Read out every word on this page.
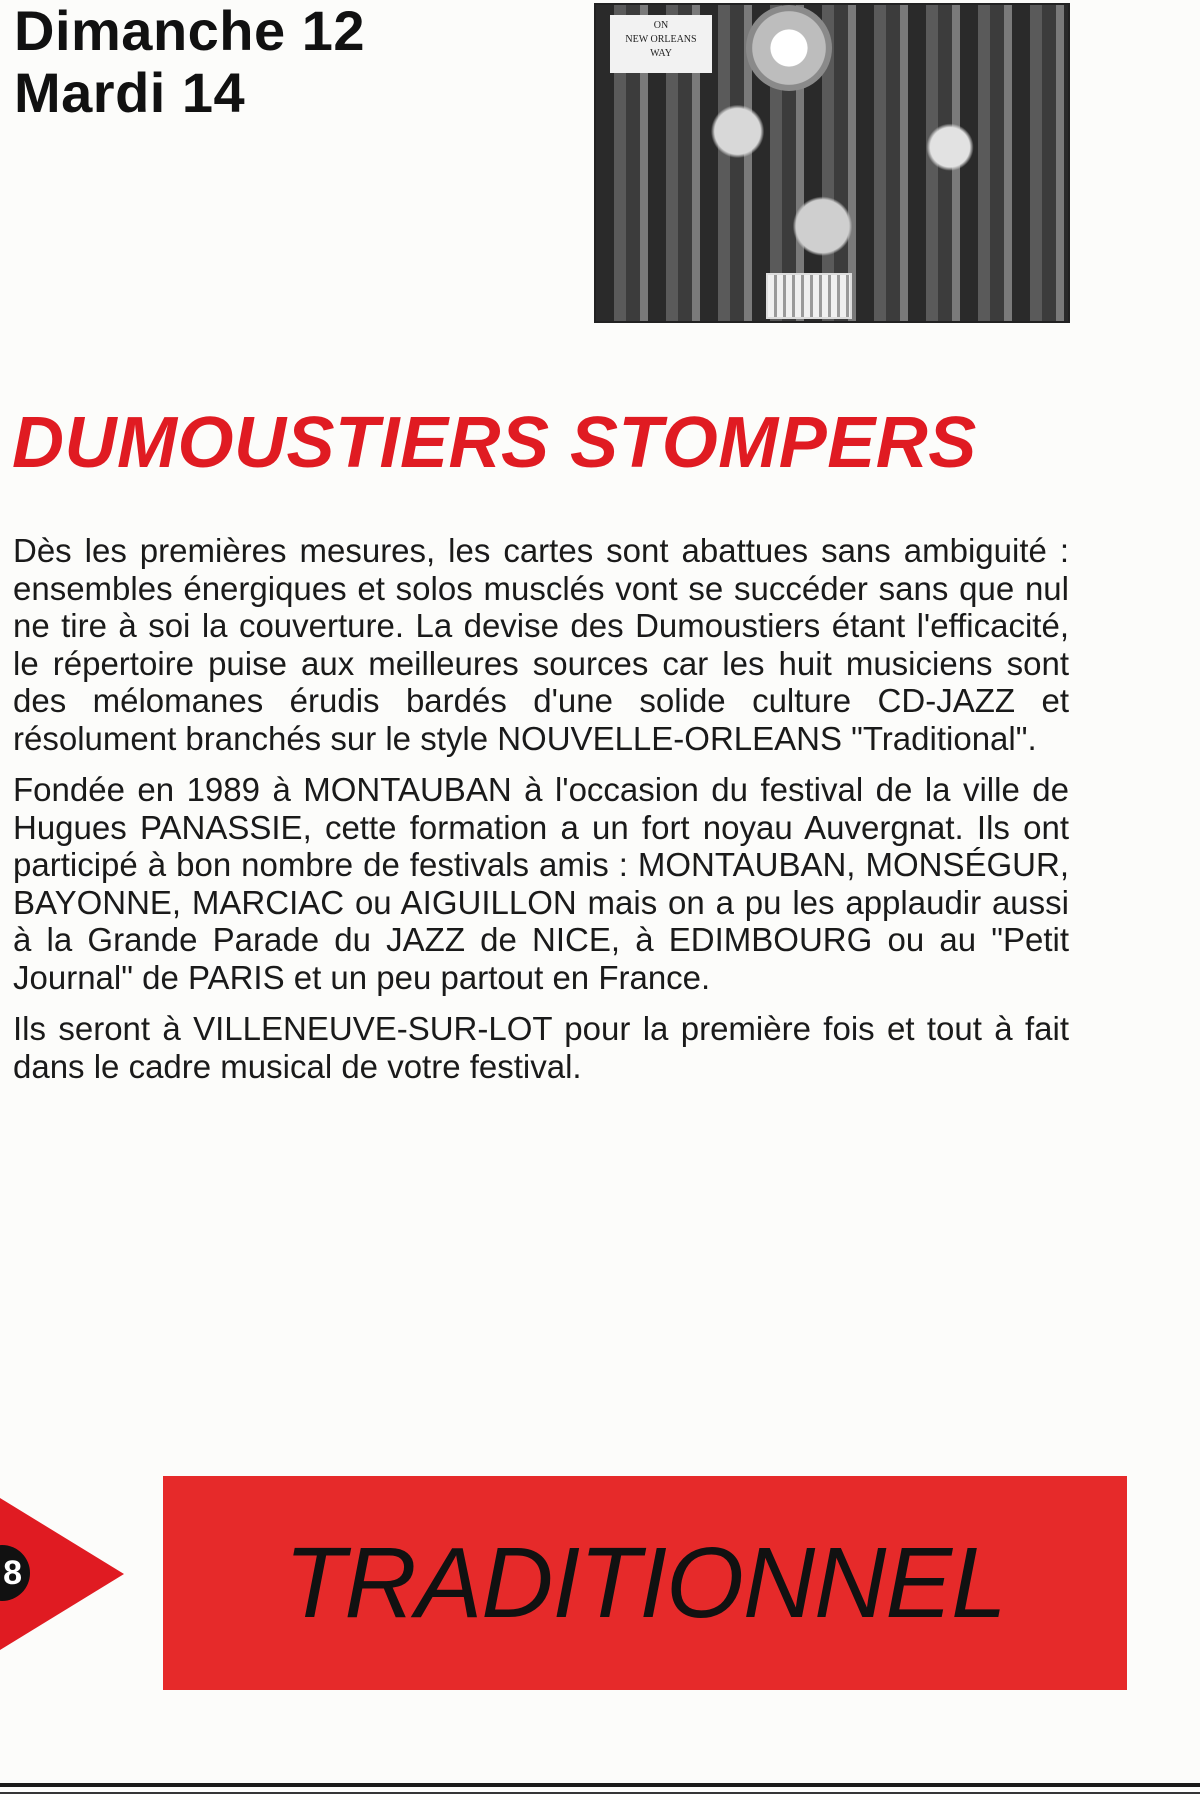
Dimanche 12
Mardi 14
ON
NEW ORLEANS
WAY
DUMOUSTIERS STOMPERS

Dès les premières mesures, les cartes sont abattues sans ambiguité : ensembles énergiques et solos musclés vont se succéder sans que nul ne tire à soi la couverture. La devise des Dumoustiers étant l'efficacité, le répertoire puise aux meilleures sources car les huit musiciens sont des mélomanes érudis bardés d'une solide culture CD-JAZZ et résolument branchés sur le style NOUVELLE-ORLEANS "Traditional".

Fondée en 1989 à MONTAUBAN à l'occasion du festival de la ville de Hugues PANASSIE, cette formation a un fort noyau Auvergnat. Ils ont participé à bon nombre de festivals amis : MONTAUBAN, MONSÉGUR, BAYONNE, MARCIAC ou AIGUILLON mais on a pu les applaudir aussi à la Grande Parade du JAZZ de NICE, à EDIMBOURG ou au "Petit Journal" de PARIS et un peu partout en France.

Ils seront à VILLENEUVE-SUR-LOT pour la première fois et tout à fait dans le cadre musical de votre festival.

8	TRADITIONNEL
